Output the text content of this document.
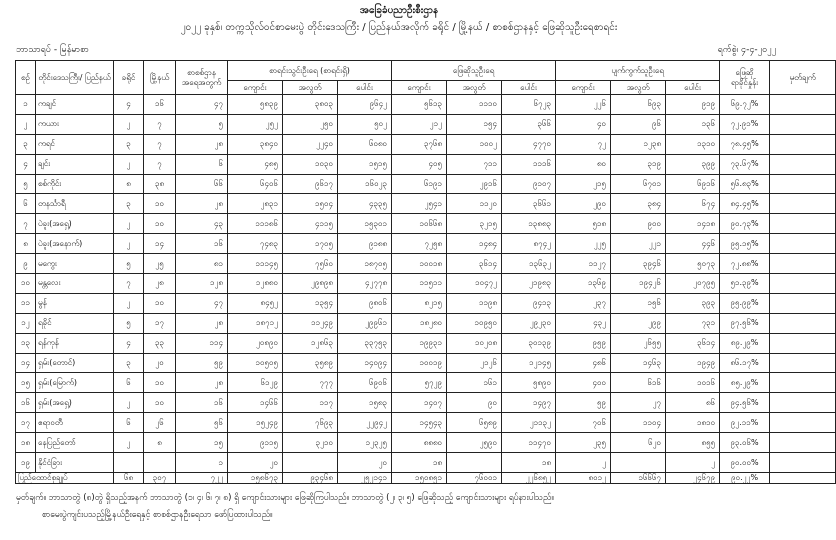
အခြေခံပညာဦးစီးဌာန
၂၀၂၂ ခုနှစ်၊ တက္ကသိုလ်ဝင်စာမေးပွဲ တိုင်းဒေသကြီး / ပြည်နယ်အလိုက် ခရိုင် / မြို့နယ် / စာစစ်ဌာနနှင့် ဖြေဆိုသူဦးရေစာရင်း
ဘာသာရပ် - မြန်မာစာ	ရက်စွဲ၊ ၄-၄-၂၀၂၂
စဉ်	တိုင်းဒေသကြီး/ ပြည်နယ်	ခရိုင်	မြို့နယ်	စာစစ်ဌာန အရေအတွက်	စာရင်းသွင်းဦးရေ (စာရင်းရှိ)			ဖြေဆိုသူဦးရေ			ပျက်ကွက်သူဦးရေ			ဖြေဆို ရာခိုင်နှုန်း	မှတ်ချက်
					ကျောင်း	အလွတ်	ပေါင်း	ကျောင်း	အလွတ်	ပေါင်း	ကျောင်း	အလွတ်	ပေါင်း		
၁	ကချင်	၄	၁၆	၄၇	၅၈၃၉	၃၈၀၃	၉၆၄၂	၅၆၁၃	၁၁၁၀	၆၇၂၃	၂၂၆	၆၉၃	၉၁၉	၆၉.၇၂%	
၂	ကယား	၂	၇	၅	၂၅၂	၂၅၀	၅၀၂	၂၁၂	၁၅၄	၃၆၆	၄၀	၉၆	၁၃၆	၇၂.၉၁%	
၃	ကရင်	၃	၇	၂၈	၃၈၄၀	၂၂၄၀	၆၀၈၀	၃၇၆၈	၁၀၀၂	၄၇၇၀	၇၂	၁၂၃၈	၁၃၁၀	၇၈.၄၅%	
၄	ချင်း	၂	၇	၆	၄၈၅	၁၀၃၀	၁၅၁၅	၄၀၅	၇၁၁	၁၁၁၆	၈၀	၃၁၉	၃၉၉	၇၃.၆၇%	
၅	စစ်ကိုင်း	၈	၃၈	၆၆	၆၄၀၆	၉၆၁၇	၁၆၀၂၃	၆၁၉၁	၂၉၁၆	၉၁၀၇	၂၁၅	၆၇၀၁	၆၉၁၆	၅၆.၈၃%	
၆	တနင်္သာရီ	၃	၁၀	၂၈	၂၈၃၁	၁၅၀၄	၄၃၃၅	၂၅၄၁	၁၁၂၀	၃၆၆၁	၂၉၀	၃၈၄	၆၇၄	၈၄.၄၅%	
၇	ပဲခူး(အရှေ့)	၂	၁၀	၄၃	၁၁၁၈၆	၄၁၁၅	၁၅၃၀၁	၁၀၆၆၈	၃၂၁၅	၁၃၈၈၃	၅၁၈	၉၀၀	၁၄၁၈	၉၀.၇၃%	
၈	ပဲခူး(အနောက်)	၂	၁၄	၁၆	၇၄၈၃	၁၇၀၅	၉၁၈၈	၇၂၅၈	၁၄၈၄	၈၇၄၂	၂၂၅	၂၂၁	၄၄၆	၉၅.၁၅%	
၉	မကွေး	၅	၂၅	၈၁	၁၁၁၄၅	၇၅၆၀	၁၈၇၀၅	၁၀၀၁၈	၃၆၁၄	၁၃၆၃၂	၁၁၂၇	၃၉၄၆	၅၀၇၃	၇၂.၈၈%	
၁၀	မန္တလေး	၇	၂၈	၁၂၈	၁၂၈၈၀	၂၉၈၉၈	၄၂၇၇၈	၁၁၅၁၁	၁၀၄၇၂	၂၁၉၈၃	၁၃၆၉	၁၉၄၂၆	၂၀၇၉၅	၅၁.၃၉%	
၁၁	မွန်	၂	၁၀	၄၇	၈၄၅၂	၁၃၅၄	၉၈၀၆	၈၂၁၅	၁၁၉၈	၉၄၁၃	၂၃၇	၁၅၆	၃၉၃	၉၅.၉၉%	
၁၂	ရခိုင်	၅	၁၇	၂၈	၁၈၇၁၂	၁၁၂၄၉	၂၉၉၆၁	၁၈၂၈၀	၁၀၉၅၀	၂၉၂၃၀	၄၃၂	၂၉၉	၇၃၁	၉၇.၅၆%	
၁၃	ရန်ကုန်	၄	၃၃	၁၁၄	၂၀၈၉၀	၁၂၈၆၃	၃၃၇၅၃	၁၉၉၃၁	၁၀၂၀၈	၃၀၁၃၉	၉၅၉	၂၆၅၅	၃၆၁၄	၈၉.၂၉%	
၁၄	ရှမ်း(တောင်)	၃	၂၀	၅၉	၁၀၅၀၅	၃၅၈၉	၁၄၀၉၄	၁၀၀၁၉	၂၁၂၆	၁၂၁၄၅	၄၈၆	၁၄၆၃	၁၉၄၉	၈၆.၁၇%	
၁၅	ရှမ်း(မြောက်)	၆	၁၀	၂၈	၆၁၂၉	၇၇၇	၆၉၀၆	၅၇၂၉	၁၆၁	၅၈၉၀	၄၀၀	၆၁၆	၁၀၁၆	၈၅.၂၉%	
၁၆	ရှမ်း(အရှေ့)	၂	၁၀	၁၆	၁၄၆၆	၁၁၇	၁၅၈၃	၁၄၀၇	၉၀	၁၄၉၇	၅၉	၂၇	၈၆	၉၄.၅၆%	
၁၇	ဧရာဝတီ	၆	၂၆	၅၆	၁၅၂၄၉	၇၆၉၃	၂၂၉၄၂	၁၄၅၄၃	၆၅၈၉	၂၁၁၃၂	၇၀၆	၁၁၀၄	၁၈၁၀	၉၂.၁၁%	
၁၈	နေပြည်တော်	၂	၈	၁၅	၉၁၁၅	၃၂၁၀	၁၂၃၂၅	၈၈၈၀	၂၅၉၀	၁၁၄၇၀	၂၃၅	၆၂၀	၈၅၅	၉၃.၀၆%	
၁၉	နိုင်ငံခြား			၁	၂၀		၂၀	၁၈		၁၈	၂		၂	၉၀.၀၀%	
ပြည်ထောင်စုချုပ်		၆၈	၃၀၇	၇၂၂	၁၅၈၆၇၃	၉၃၄၆၈	၂၅၂၁၄၁	၁၅၀၈၅၁	၇၆၀၀၁	၂၂၆၈၅၂	၈၀၁၂	၁၆၆၆၇	၂၄၆၇၉	၉၀.၂၂%	
မှတ်ချက်။ ဘာသာတွဲ (၈)တွဲ ရှိသည့်အနက် ဘာသာတွဲ (၁၊ ၄၊ ၆၊ ၇၊ ၈) ရှိ ကျောင်းသားများ ဖြေဆိုကြပါသည်။ ဘာသာတွဲ (၂၊ ၃၊ ၅) ဖြေဆိုသည့် ကျောင်းသားများ ရပ်နားပါသည်။
စာမေးပွဲကျင်းပသည့်မြို့နယ်ဦးရေနှင့် စာစစ်ဌာနဦးရေသာ ဖော်ပြထားပါသည်။
